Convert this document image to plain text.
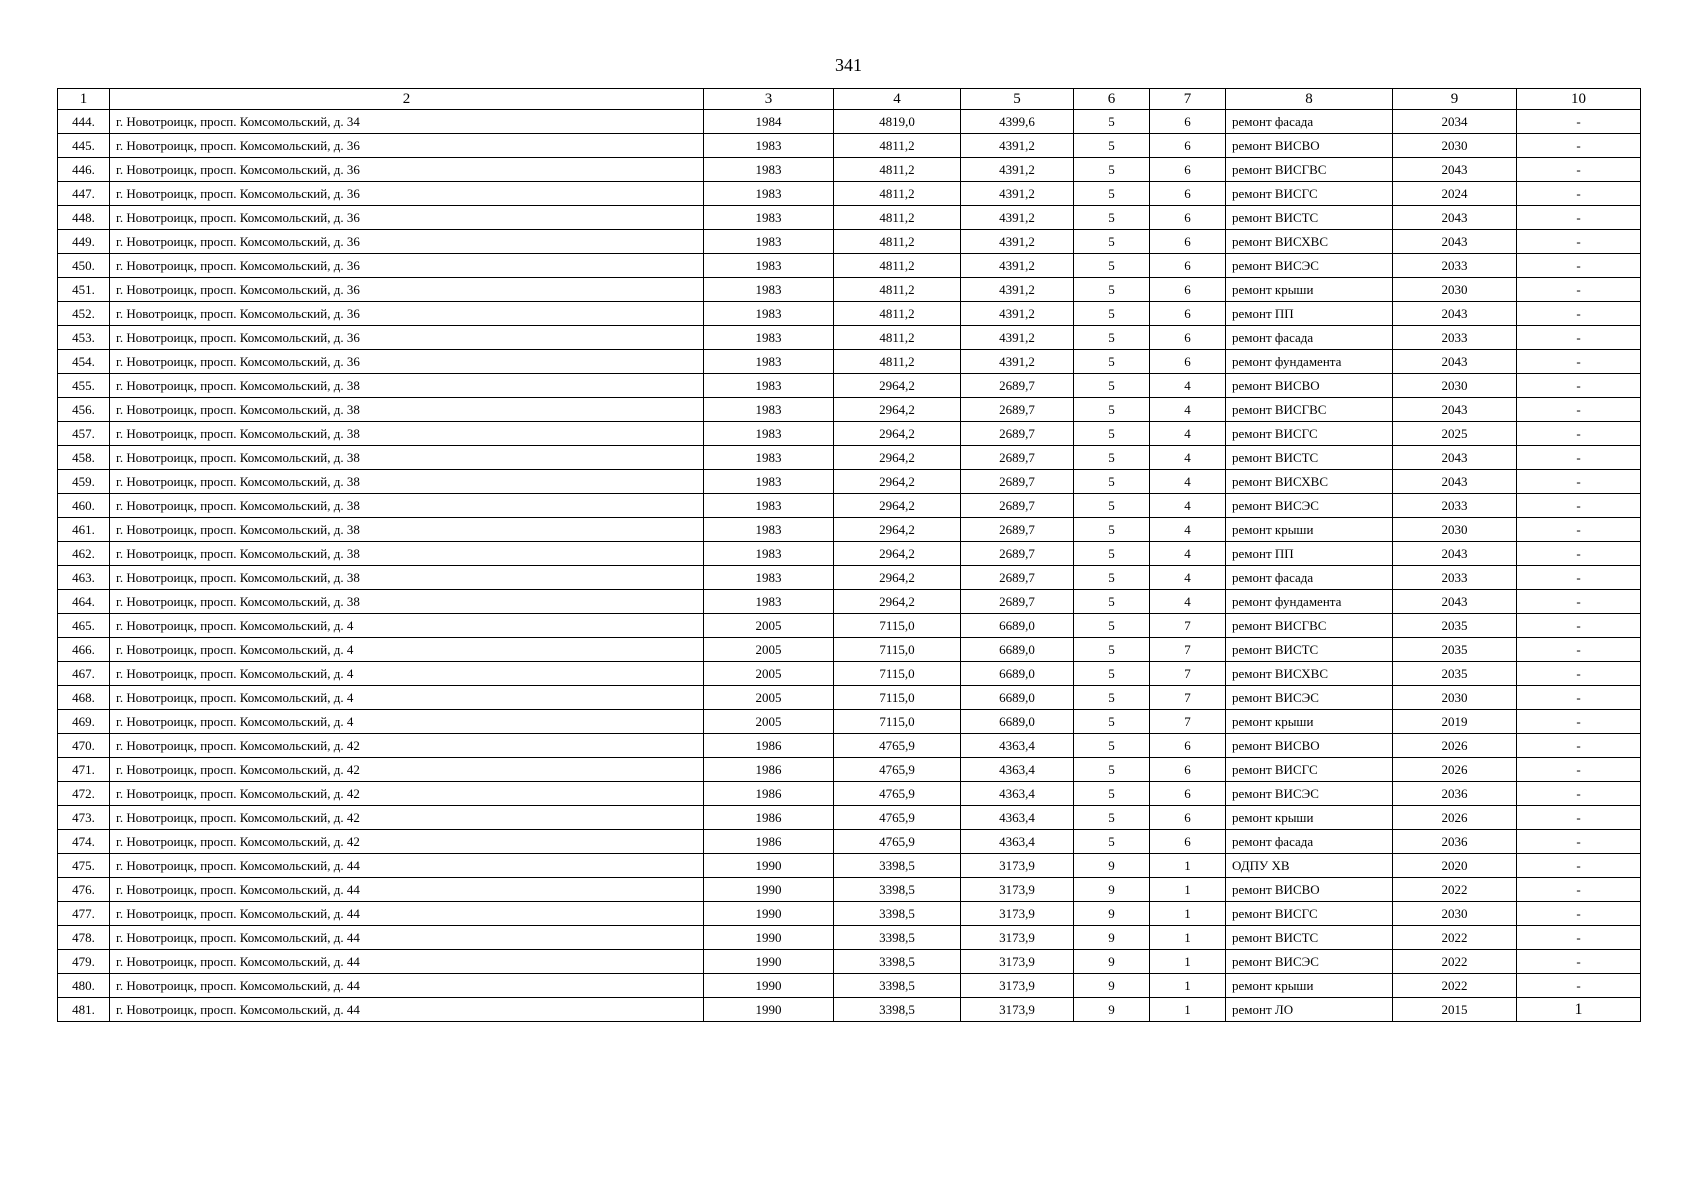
341
1	2	3	4	5	6	7	8	9	10
444.	г. Новотроицк, просп. Комсомольский, д. 34	1984	4819,0	4399,6	5	6	ремонт фасада	2034	-
445.	г. Новотроицк, просп. Комсомольский, д. 36	1983	4811,2	4391,2	5	6	ремонт ВИСВО	2030	-
446.	г. Новотроицк, просп. Комсомольский, д. 36	1983	4811,2	4391,2	5	6	ремонт ВИСГВС	2043	-
447.	г. Новотроицк, просп. Комсомольский, д. 36	1983	4811,2	4391,2	5	6	ремонт ВИСГС	2024	-
448.	г. Новотроицк, просп. Комсомольский, д. 36	1983	4811,2	4391,2	5	6	ремонт ВИСТС	2043	-
449.	г. Новотроицк, просп. Комсомольский, д. 36	1983	4811,2	4391,2	5	6	ремонт ВИСХВС	2043	-
450.	г. Новотроицк, просп. Комсомольский, д. 36	1983	4811,2	4391,2	5	6	ремонт ВИСЭС	2033	-
451.	г. Новотроицк, просп. Комсомольский, д. 36	1983	4811,2	4391,2	5	6	ремонт крыши	2030	-
452.	г. Новотроицк, просп. Комсомольский, д. 36	1983	4811,2	4391,2	5	6	ремонт ПП	2043	-
453.	г. Новотроицк, просп. Комсомольский, д. 36	1983	4811,2	4391,2	5	6	ремонт фасада	2033	-
454.	г. Новотроицк, просп. Комсомольский, д. 36	1983	4811,2	4391,2	5	6	ремонт фундамента	2043	-
455.	г. Новотроицк, просп. Комсомольский, д. 38	1983	2964,2	2689,7	5	4	ремонт ВИСВО	2030	-
456.	г. Новотроицк, просп. Комсомольский, д. 38	1983	2964,2	2689,7	5	4	ремонт ВИСГВС	2043	-
457.	г. Новотроицк, просп. Комсомольский, д. 38	1983	2964,2	2689,7	5	4	ремонт ВИСГС	2025	-
458.	г. Новотроицк, просп. Комсомольский, д. 38	1983	2964,2	2689,7	5	4	ремонт ВИСТС	2043	-
459.	г. Новотроицк, просп. Комсомольский, д. 38	1983	2964,2	2689,7	5	4	ремонт ВИСХВС	2043	-
460.	г. Новотроицк, просп. Комсомольский, д. 38	1983	2964,2	2689,7	5	4	ремонт ВИСЭС	2033	-
461.	г. Новотроицк, просп. Комсомольский, д. 38	1983	2964,2	2689,7	5	4	ремонт крыши	2030	-
462.	г. Новотроицк, просп. Комсомольский, д. 38	1983	2964,2	2689,7	5	4	ремонт ПП	2043	-
463.	г. Новотроицк, просп. Комсомольский, д. 38	1983	2964,2	2689,7	5	4	ремонт фасада	2033	-
464.	г. Новотроицк, просп. Комсомольский, д. 38	1983	2964,2	2689,7	5	4	ремонт фундамента	2043	-
465.	г. Новотроицк, просп. Комсомольский, д. 4	2005	7115,0	6689,0	5	7	ремонт ВИСГВС	2035	-
466.	г. Новотроицк, просп. Комсомольский, д. 4	2005	7115,0	6689,0	5	7	ремонт ВИСТС	2035	-
467.	г. Новотроицк, просп. Комсомольский, д. 4	2005	7115,0	6689,0	5	7	ремонт ВИСХВС	2035	-
468.	г. Новотроицк, просп. Комсомольский, д. 4	2005	7115,0	6689,0	5	7	ремонт ВИСЭС	2030	-
469.	г. Новотроицк, просп. Комсомольский, д. 4	2005	7115,0	6689,0	5	7	ремонт крыши	2019	-
470.	г. Новотроицк, просп. Комсомольский, д. 42	1986	4765,9	4363,4	5	6	ремонт ВИСВО	2026	-
471.	г. Новотроицк, просп. Комсомольский, д. 42	1986	4765,9	4363,4	5	6	ремонт ВИСГС	2026	-
472.	г. Новотроицк, просп. Комсомольский, д. 42	1986	4765,9	4363,4	5	6	ремонт ВИСЭС	2036	-
473.	г. Новотроицк, просп. Комсомольский, д. 42	1986	4765,9	4363,4	5	6	ремонт крыши	2026	-
474.	г. Новотроицк, просп. Комсомольский, д. 42	1986	4765,9	4363,4	5	6	ремонт фасада	2036	-
475.	г. Новотроицк, просп. Комсомольский, д. 44	1990	3398,5	3173,9	9	1	ОДПУ ХВ	2020	-
476.	г. Новотроицк, просп. Комсомольский, д. 44	1990	3398,5	3173,9	9	1	ремонт ВИСВО	2022	-
477.	г. Новотроицк, просп. Комсомольский, д. 44	1990	3398,5	3173,9	9	1	ремонт ВИСГС	2030	-
478.	г. Новотроицк, просп. Комсомольский, д. 44	1990	3398,5	3173,9	9	1	ремонт ВИСТС	2022	-
479.	г. Новотроицк, просп. Комсомольский, д. 44	1990	3398,5	3173,9	9	1	ремонт ВИСЭС	2022	-
480.	г. Новотроицк, просп. Комсомольский, д. 44	1990	3398,5	3173,9	9	1	ремонт крыши	2022	-
481.	г. Новотроицк, просп. Комсомольский, д. 44	1990	3398,5	3173,9	9	1	ремонт ЛО	2015	1
